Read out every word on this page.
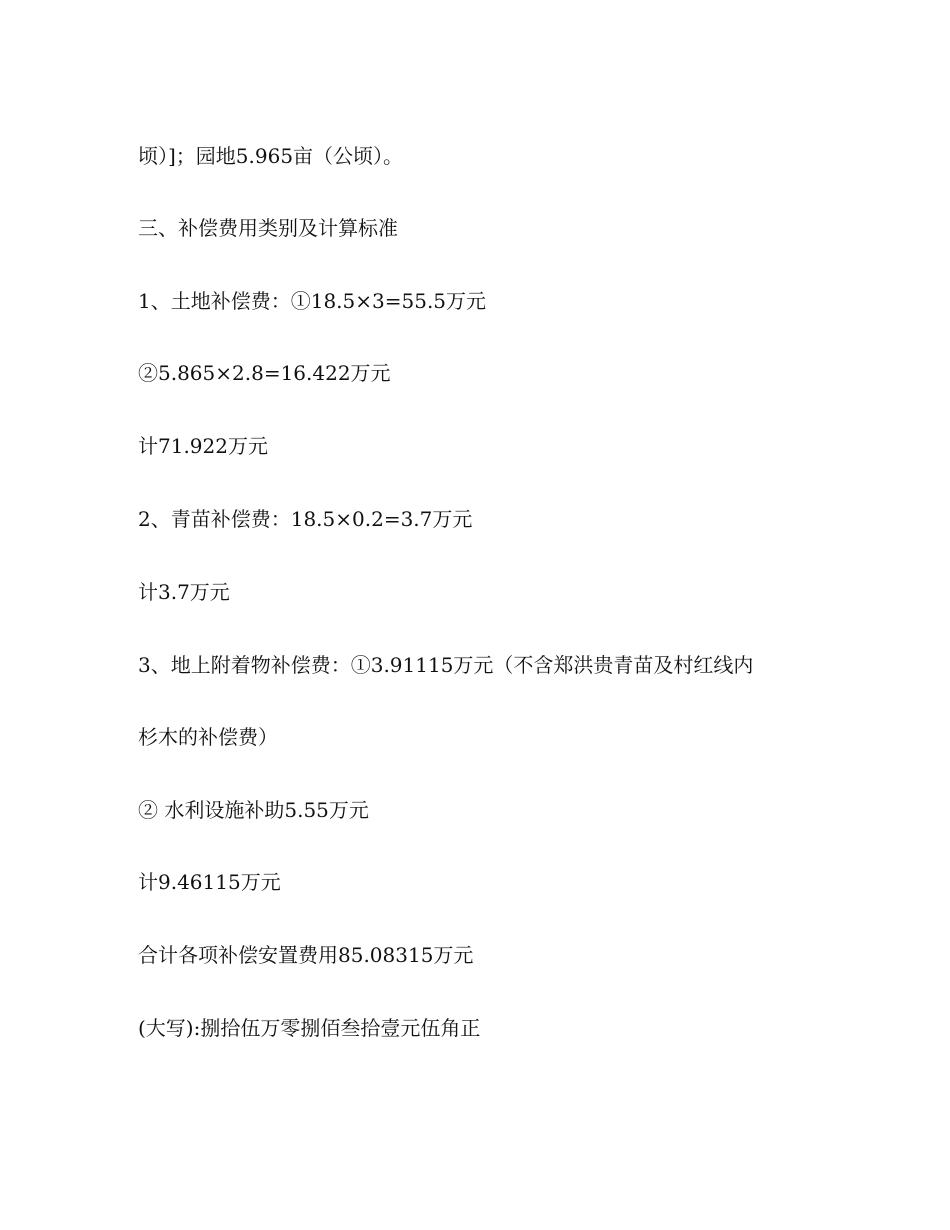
顷）]；园地5.965亩（公顷）。
三、补偿费用类别及计算标准
1、土地补偿费：①18.5×3=55.5万元
②5.865×2.8=16.422万元
计71.922万元
2、青苗补偿费：18.5×0.2=3.7万元
计3.7万元
3、地上附着物补偿费：①3.91115万元（不含郑洪贵青苗及村红线内
杉木的补偿费）
② 水利设施补助5.55万元
计9.46115万元
合计各项补偿安置费用85.08315万元
(大写):捌拾伍万零捌佰叁拾壹元伍角正
